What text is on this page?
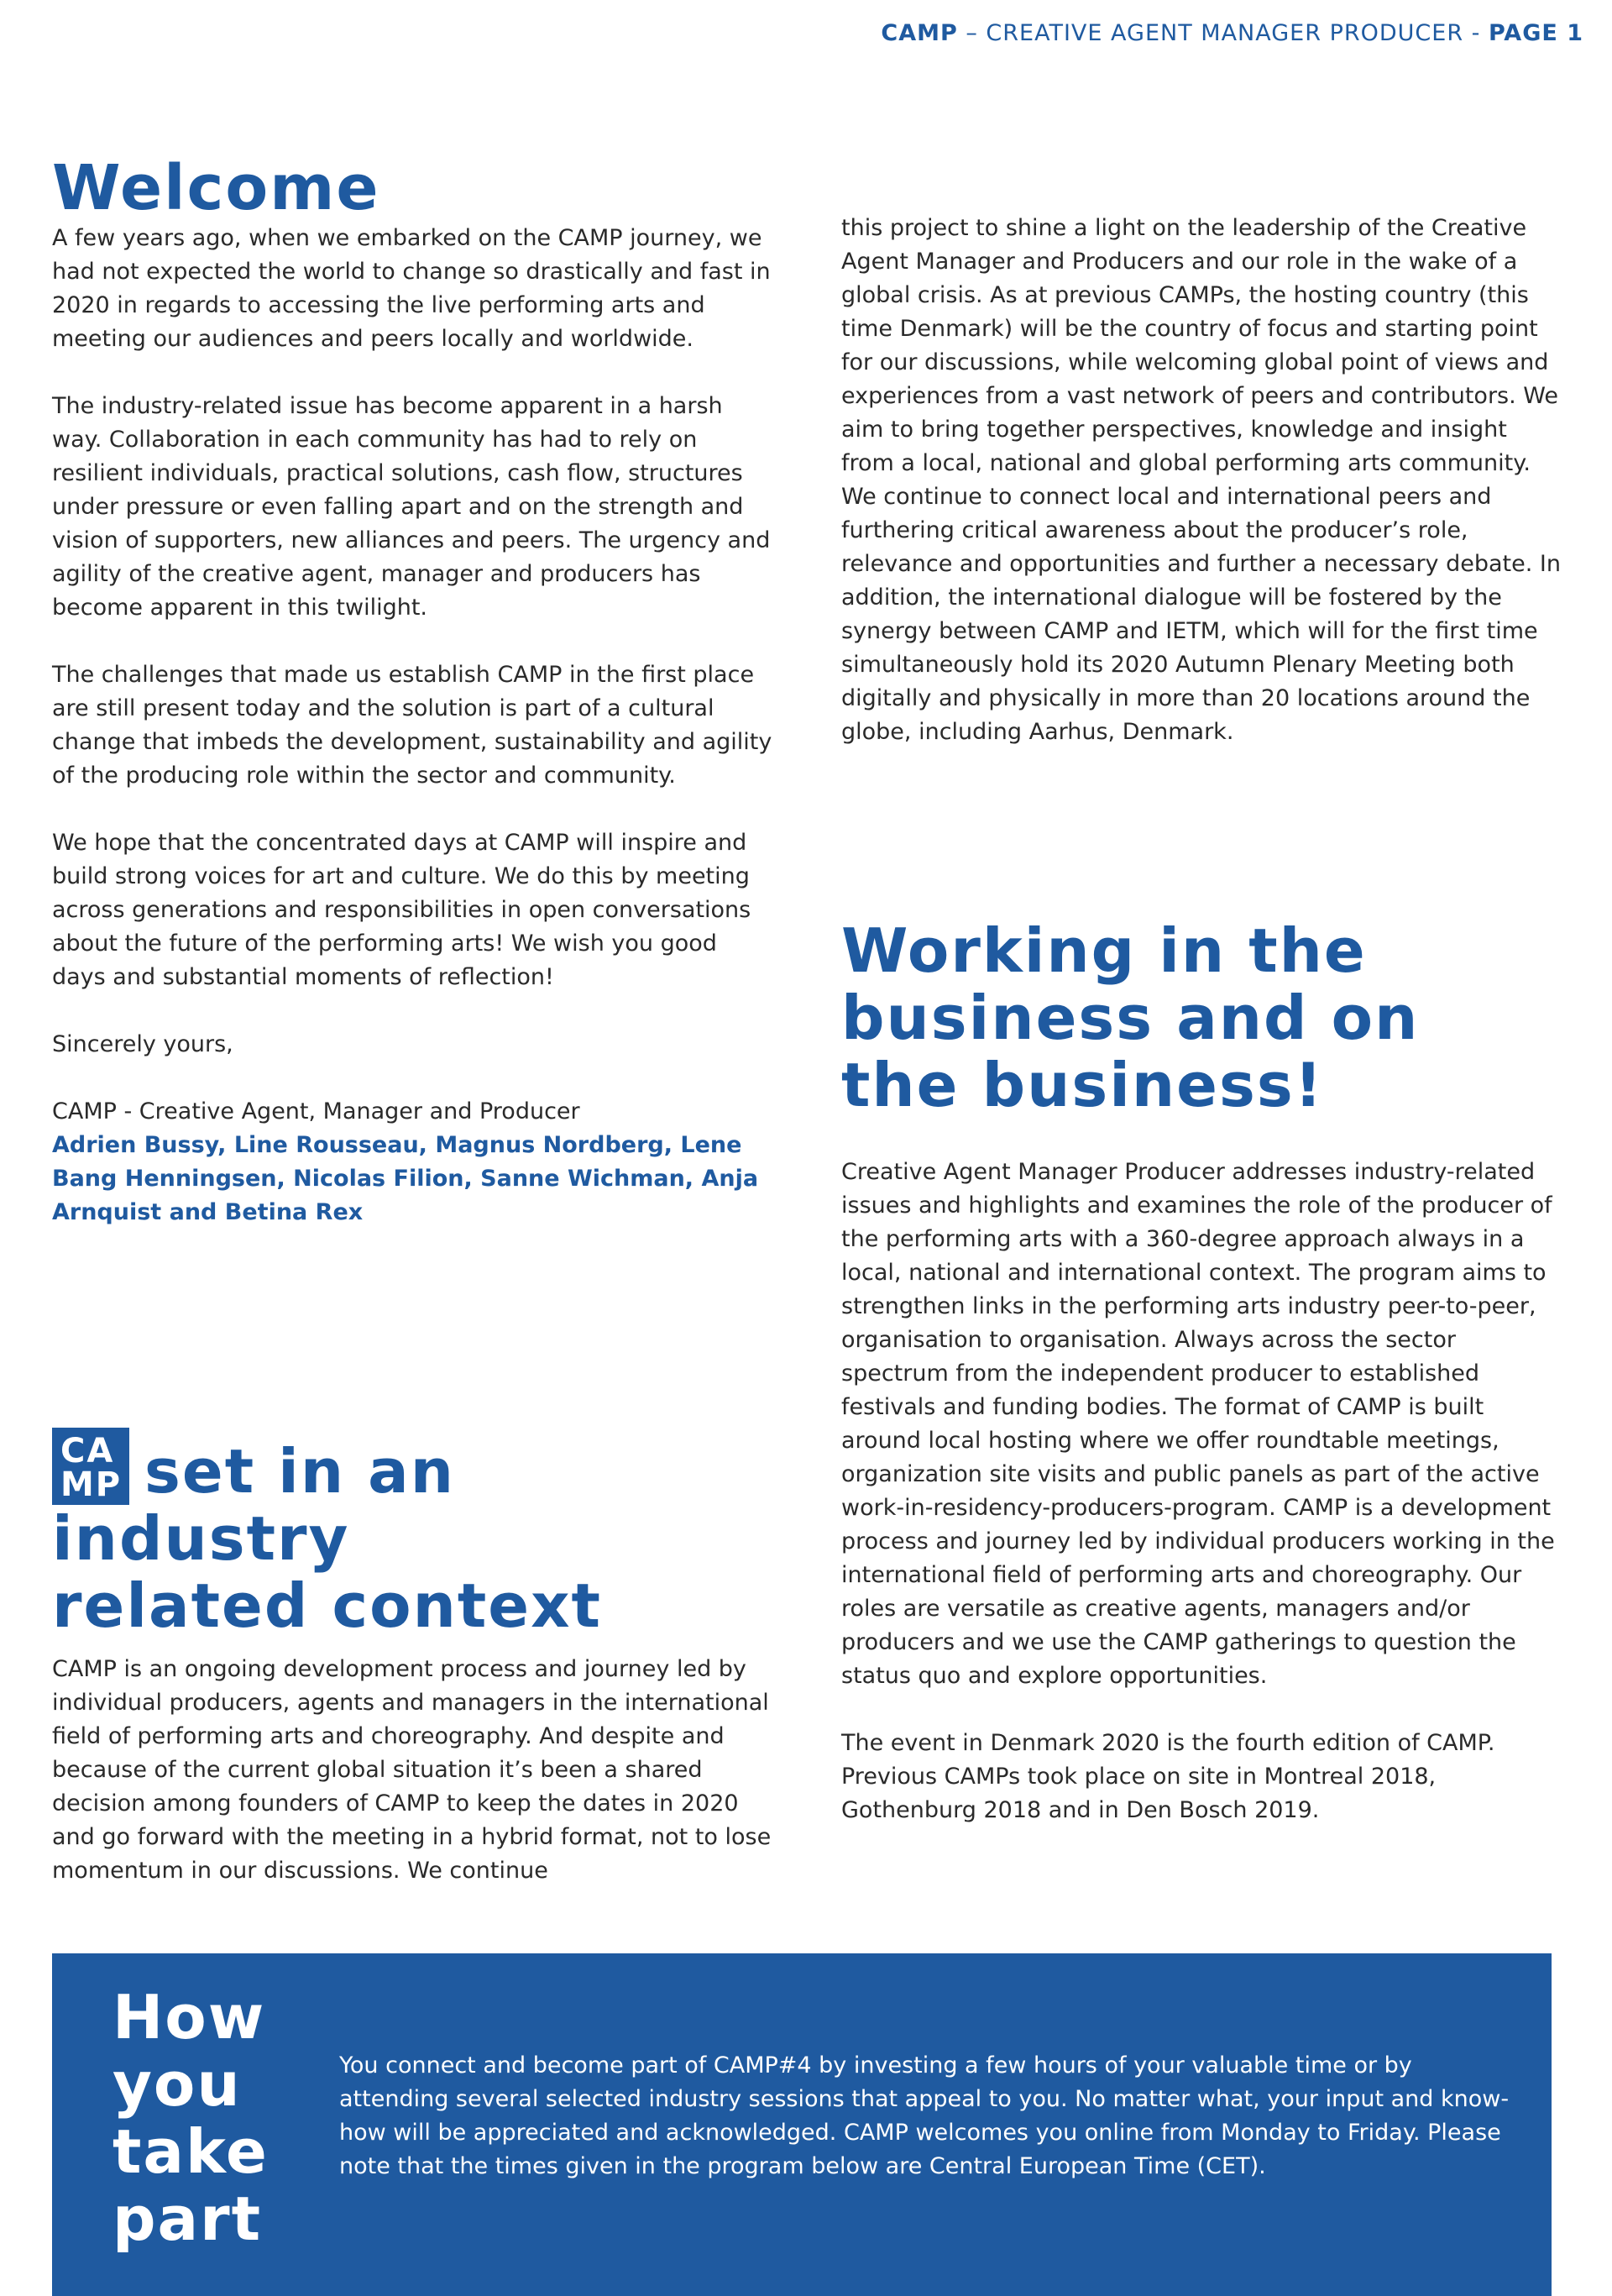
CAMP – CREATIVE AGENT MANAGER PRODUCER - PAGE 1
Welcome

A few years ago, when we embarked on the CAMP journey, we had not expected the world to change so drastically and fast in 2020 in regards to accessing the live performing arts and meeting our audiences and peers locally and worldwide.

The industry-related issue has become apparent in a harsh way. Collaboration in each community has had to rely on resilient individuals, practical solutions, cash flow, structures under pressure or even falling apart and on the strength and vision of supporters, new alliances and peers. The urgency and agility of the creative agent, manager and producers has become apparent in this twilight.

The challenges that made us establish CAMP in the first place are still present today and the solution is part of a cultural change that imbeds the development, sustainability and agility of the producing role within the sector and community.

We hope that the concentrated days at CAMP will inspire and build strong voices for art and culture. We do this by meeting across generations and responsibilities in open conversations about the future of the performing arts! We wish you good days and substantial moments of reflection!

Sincerely yours,

CAMP - Creative Agent, Manager and Producer

Adrien Bussy, Line Rousseau, Magnus Nordberg, Lene Bang Henningsen, Nicolas Filion, Sanne Wichman, Anja Arnquist and Betina Rex

CA
MP set in an industry
related context

CAMP is an ongoing development process and journey led by individual producers, agents and managers in the international field of performing arts and choreography. And despite and because of the current global situation it’s been a shared decision among founders of CAMP to keep the dates in 2020 and go forward with the meeting in a hybrid format, not to lose momentum in our discussions. We continue

this project to shine a light on the leadership of the Creative Agent Manager and Producers and our role in the wake of a global crisis. As at previous CAMPs, the hosting country (this time Denmark) will be the country of focus and starting point for our discussions, while welcoming global point of views and experiences from a vast network of peers and contributors. We aim to bring together perspectives, knowledge and insight from a local, national and global performing arts community. We continue to connect local and international peers and furthering critical awareness about the producer’s role, relevance and opportunities and further a necessary debate. In addition, the international dialogue will be fostered by the synergy between CAMP and IETM, which will for the first time simultaneously hold its 2020 Autumn Plenary Meeting both digitally and physically in more than 20 locations around the globe, including Aarhus, Denmark.

Working in the
business and on
the business!

Creative Agent Manager Producer addresses industry-related issues and highlights and examines the role of the producer of the performing arts with a 360-degree approach always in a local, national and international context. The program aims to strengthen links in the performing arts industry peer-to-peer, organisation to organisation. Always across the sector spectrum from the independent producer to established festivals and funding bodies. The format of CAMP is built around local hosting where we offer roundtable meetings, organization site visits and public panels as part of the active work-in-residency-producers-program. CAMP is a development process and journey led by individual producers working in the international field of performing arts and choreography. Our roles are versatile as creative agents, managers and/or producers and we use the CAMP gatherings to question the status quo and explore opportunities.

The event in Denmark 2020 is the fourth edition of CAMP. Previous CAMPs took place on site in Montreal 2018, Gothenburg 2018 and in Den Bosch 2019.

How
you
take
part

You connect and become part of CAMP#4 by investing a few hours of your valuable time or by attending several selected industry sessions that appeal to you. No matter what, your input and know-how will be appreciated and acknowledged. CAMP welcomes you online from Monday to Friday. Please note that the times given in the program below are Central European Time (CET).
